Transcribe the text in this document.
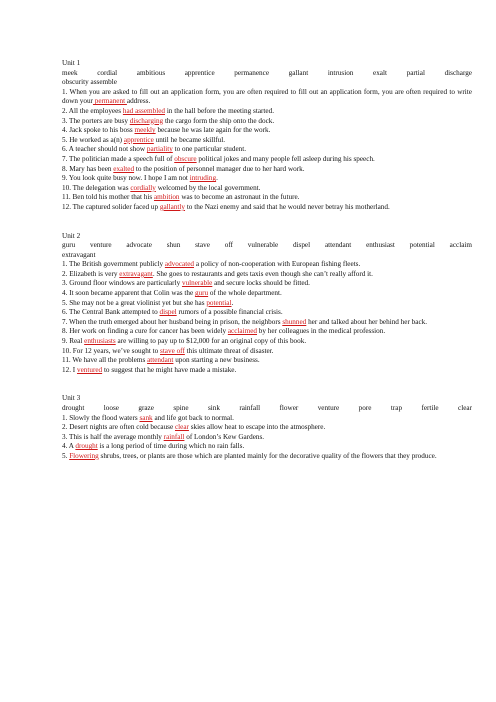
Unit 1
meek cordial ambitious apprentice permanence gallant intrusion exalt partial discharge
obscurity assemble
1. When you are asked to fill out an application form, you are often required to fill out an application form, you are often required to write down your permanent address.
2. All the employees had assembled in the hall before the meeting started.
3. The porters are busy discharging the cargo form the ship onto the dock.
4. Jack spoke to his boss meekly because he was late again for the work.
5. He worked as a(n) apprentice until he became skillful.
6. A teacher should not show partiality to one particular student.
7. The politician made a speech full of obscure political jokes and many people fell asleep during his speech.
8. Mary has been exalted to the position of personnel manager due to her hard work.
9. You look quite busy now. I hope I am not intruding.
10. The delegation was cordially welcomed by the local government.
11. Ben told his mother that his ambition was to become an astronaut in the future.
12. The captured solider faced up gallantly to the Nazi enemy and said that he would never betray his motherland.
Unit 2
guru venture advocate shun stave off vulnerable dispel attendant enthusiast potential acclaim
extravagant
1. The British government publicly advocated a policy of non-cooperation with European fishing fleets.
2. Elizabeth is very extravagant. She goes to restaurants and gets taxis even though she can’t really afford it.
3. Ground floor windows are particularly vulnerable and secure locks should be fitted.
4. It soon became apparent that Colin was the guru of the whole department.
5. She may not be a great violinist yet but she has potential.
6. The Central Bank attempted to dispel rumors of a possible financial crisis.
7. When the truth emerged about her husband being in prison, the neighbors shunned her and talked about her behind her back.
8. Her work on finding a cure for cancer has been widely acclaimed by her colleagues in the medical profession.
9. Real enthusiasts are willing to pay up to $12,000 for an original copy of this book.
10. For 12 years, we’ve sought to stave off this ultimate threat of disaster.
11. We have all the problems attendant upon starting a new business.
12. I ventured to suggest that he might have made a mistake.
Unit 3
drought loose graze spine sink rainfall flower venture pore trap fertile clear
1. Slowly the flood waters sank and life got back to normal.
2. Desert nights are often cold because clear skies allow heat to escape into the atmosphere.
3. This is half the average monthly rainfall of London’s Kew Gardens.
4. A drought is a long period of time during which no rain falls.
5. Flowering shrubs, trees, or plants are those which are planted mainly for the decorative quality of the flowers that they produce.
